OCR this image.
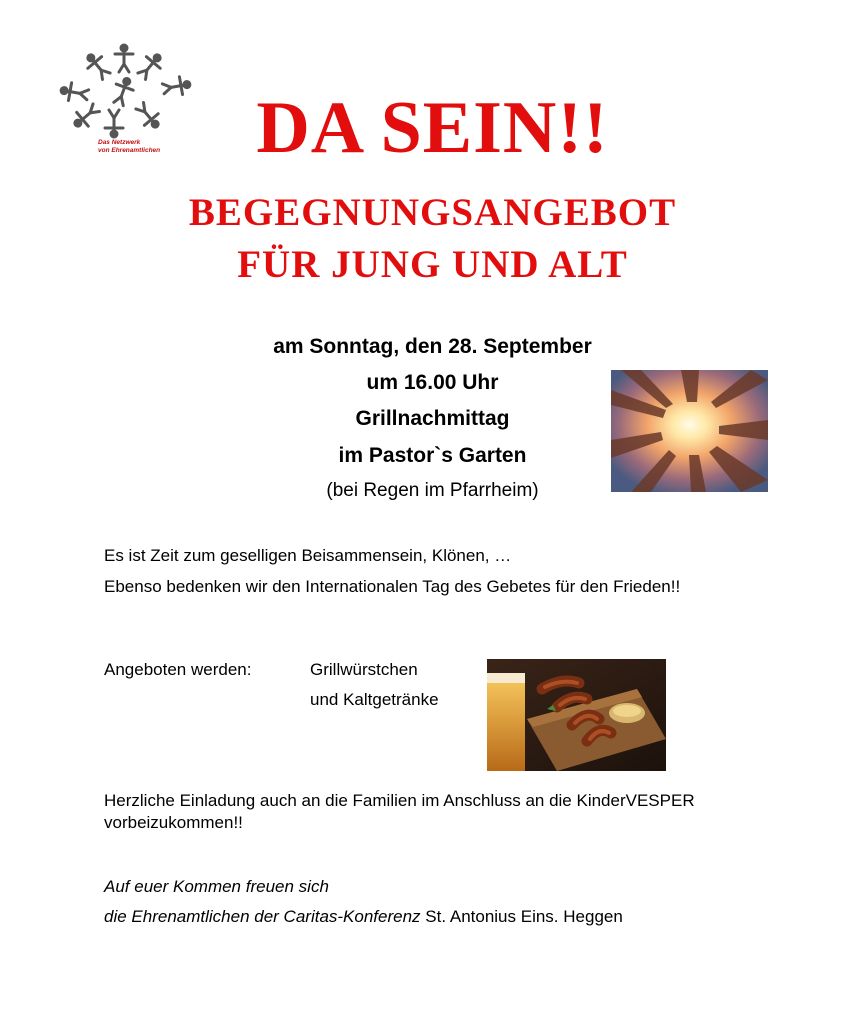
Das Netzwerk
von Ehrenamtlichen	DA SEIN!!
BEGEGNUNGSANGEBOT
FÜR JUNG UND ALT
am Sonntag, den 28. September
um 16.00 Uhr
Grillnachmittag
im Pastor`s Garten
(bei Regen im Pfarrheim)
Es ist Zeit zum geselligen Beisammensein, Klönen, …
Ebenso bedenken wir den Internationalen Tag des Gebetes für den Frieden!!
Angeboten werden:	Grillwürstchen
und Kaltgetränke
Herzliche Einladung auch an die Familien im Anschluss an die KinderVESPER vorbeizukommen!!
Auf euer Kommen freuen sich
die Ehrenamtlichen der Caritas-Konferenz St. Antonius Eins. Heggen
